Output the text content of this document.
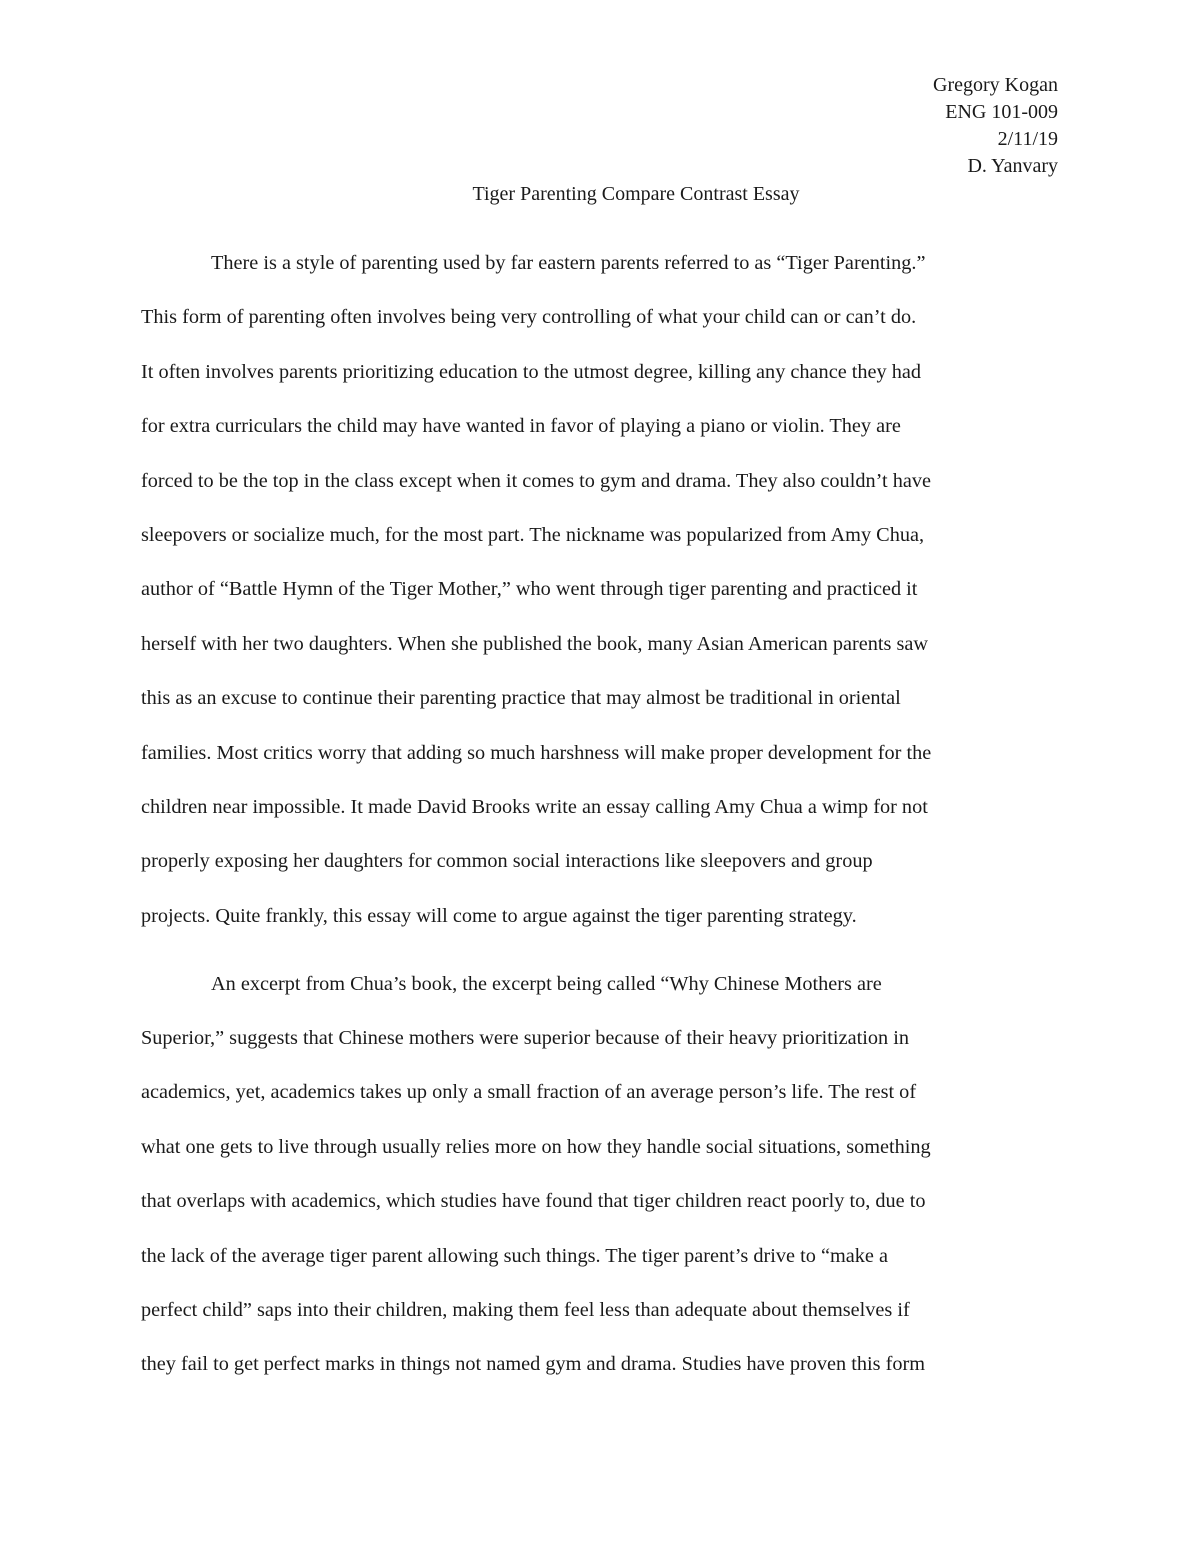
Gregory Kogan
ENG 101-009
2/11/19
D. Yanvary
Tiger Parenting Compare Contrast Essay
There is a style of parenting used by far eastern parents referred to as “Tiger Parenting.”
This form of parenting often involves being very controlling of what your child can or can’t do.
It often involves parents prioritizing education to the utmost degree, killing any chance they had
for extra curriculars the child may have wanted in favor of playing a piano or violin. They are
forced to be the top in the class except when it comes to gym and drama. They also couldn’t have
sleepovers or socialize much, for the most part. The nickname was popularized from Amy Chua,
author of “Battle Hymn of the Tiger Mother,” who went through tiger parenting and practiced it
herself with her two daughters. When she published the book, many Asian American parents saw
this as an excuse to continue their parenting practice that may almost be traditional in oriental
families. Most critics worry that adding so much harshness will make proper development for the
children near impossible. It made David Brooks write an essay calling Amy Chua a wimp for not
properly exposing her daughters for common social interactions like sleepovers and group
projects. Quite frankly, this essay will come to argue against the tiger parenting strategy.
An excerpt from Chua’s book, the excerpt being called “Why Chinese Mothers are
Superior,” suggests that Chinese mothers were superior because of their heavy prioritization in
academics, yet, academics takes up only a small fraction of an average person’s life. The rest of
what one gets to live through usually relies more on how they handle social situations, something
that overlaps with academics, which studies have found that tiger children react poorly to, due to
the lack of the average tiger parent allowing such things. The tiger parent’s drive to “make a
perfect child” saps into their children, making them feel less than adequate about themselves if
they fail to get perfect marks in things not named gym and drama. Studies have proven this form
